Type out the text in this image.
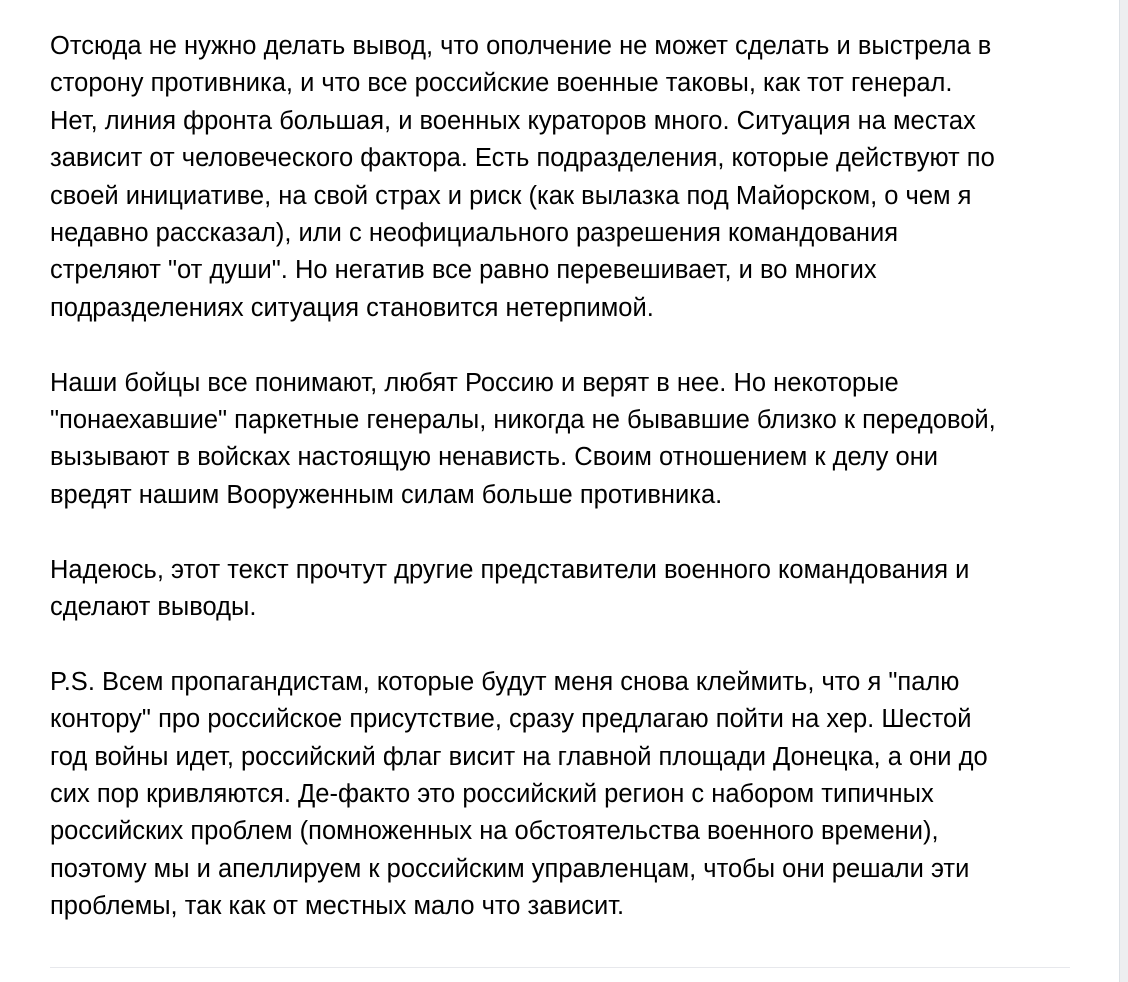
Отсюда не нужно делать вывод, что ополчение не может сделать и выстрела в
сторону противника, и что все российские военные таковы, как тот генерал.
Нет, линия фронта большая, и военных кураторов много. Ситуация на местах
зависит от человеческого фактора. Есть подразделения, которые действуют по
своей инициативе, на свой страх и риск (как вылазка под Майорском, о чем я
недавно рассказал), или с неофициального разрешения командования
стреляют "от души". Но негатив все равно перевешивает, и во многих
подразделениях ситуация становится нетерпимой.

Наши бойцы все понимают, любят Россию и верят в нее. Но некоторые
"понаехавшие" паркетные генералы, никогда не бывавшие близко к передовой,
вызывают в войсках настоящую ненависть. Своим отношением к делу они
вредят нашим Вооруженным силам больше противника.

Надеюсь, этот текст прочтут другие представители военного командования и
сделают выводы.

P.S. Всем пропагандистам, которые будут меня снова клеймить, что я "палю
контору" про российское присутствие, сразу предлагаю пойти на хер. Шестой
год войны идет, российский флаг висит на главной площади Донецка, а они до
сих пор кривляются. Де-факто это российский регион с набором типичных
российских проблем (помноженных на обстоятельства военного времени),
поэтому мы и апеллируем к российским управленцам, чтобы они решали эти
проблемы, так как от местных мало что зависит.
